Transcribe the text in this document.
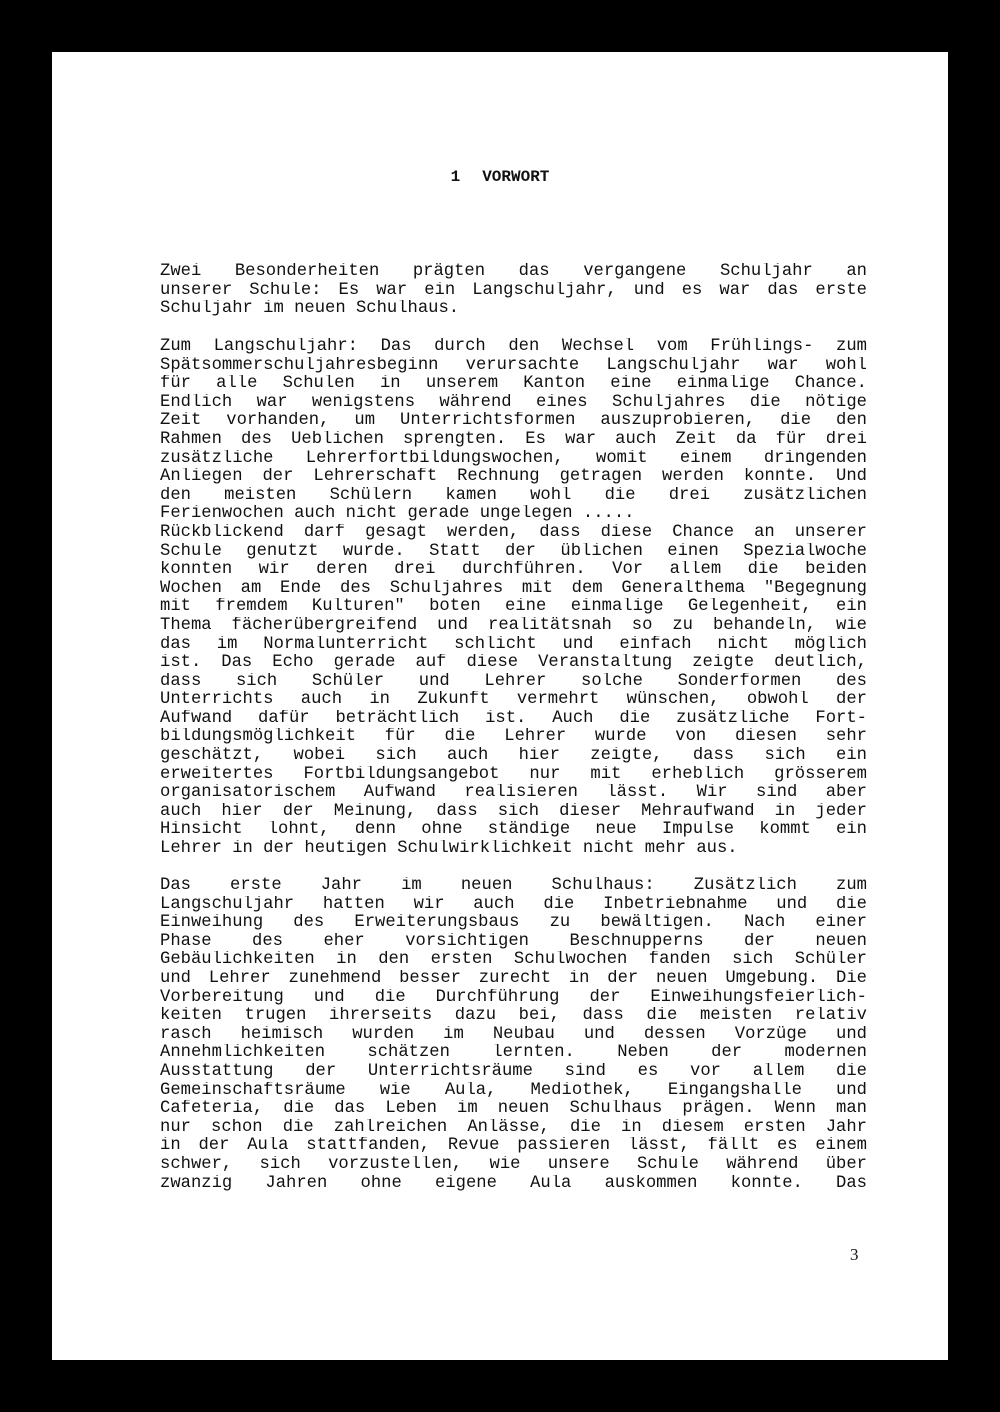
1 VORWORT
Zwei Besonderheiten prägten das vergangene Schuljahr an
unserer Schule: Es war ein Langschuljahr, und es war das erste
Schuljahr im neuen Schulhaus.
Zum Langschuljahr: Das durch den Wechsel vom Frühlings- zum
Spätsommerschuljahresbeginn verursachte Langschuljahr war wohl
für alle Schulen in unserem Kanton eine einmalige Chance.
Endlich war wenigstens während eines Schuljahres die nötige
Zeit vorhanden, um Unterrichtsformen auszuprobieren, die den
Rahmen des Ueblichen sprengten. Es war auch Zeit da für drei
zusätzliche Lehrerfortbildungswochen, womit einem dringenden
Anliegen der Lehrerschaft Rechnung getragen werden konnte. Und
den meisten Schülern kamen wohl die drei zusätzlichen
Ferienwochen auch nicht gerade ungelegen .....
Rückblickend darf gesagt werden, dass diese Chance an unserer
Schule genutzt wurde. Statt der üblichen einen Spezialwoche
konnten wir deren drei durchführen. Vor allem die beiden
Wochen am Ende des Schuljahres mit dem Generalthema "Begegnung
mit fremdem Kulturen" boten eine einmalige Gelegenheit, ein
Thema fächerübergreifend und realitätsnah so zu behandeln, wie
das im Normalunterricht schlicht und einfach nicht möglich
ist. Das Echo gerade auf diese Veranstaltung zeigte deutlich,
dass sich Schüler und Lehrer solche Sonderformen des
Unterrichts auch in Zukunft vermehrt wünschen, obwohl der
Aufwand dafür beträchtlich ist. Auch die zusätzliche Fort-
bildungsmöglichkeit für die Lehrer wurde von diesen sehr
geschätzt, wobei sich auch hier zeigte, dass sich ein
erweitertes Fortbildungsangebot nur mit erheblich grösserem
organisatorischem Aufwand realisieren lässt. Wir sind aber
auch hier der Meinung, dass sich dieser Mehraufwand in jeder
Hinsicht lohnt, denn ohne ständige neue Impulse kommt ein
Lehrer in der heutigen Schulwirklichkeit nicht mehr aus.
Das erste Jahr im neuen Schulhaus: Zusätzlich zum
Langschuljahr hatten wir auch die Inbetriebnahme und die
Einweihung des Erweiterungsbaus zu bewältigen. Nach einer
Phase des eher vorsichtigen Beschnupperns der neuen
Gebäulichkeiten in den ersten Schulwochen fanden sich Schüler
und Lehrer zunehmend besser zurecht in der neuen Umgebung. Die
Vorbereitung und die Durchführung der Einweihungsfeierlich-
keiten trugen ihrerseits dazu bei, dass die meisten relativ
rasch heimisch wurden im Neubau und dessen Vorzüge und
Annehmlichkeiten schätzen lernten. Neben der modernen
Ausstattung der Unterrichtsräume sind es vor allem die
Gemeinschaftsräume wie Aula, Mediothek, Eingangshalle und
Cafeteria, die das Leben im neuen Schulhaus prägen. Wenn man
nur schon die zahlreichen Anlässe, die in diesem ersten Jahr
in der Aula stattfanden, Revue passieren lässt, fällt es einem
schwer, sich vorzustellen, wie unsere Schule während über
zwanzig Jahren ohne eigene Aula auskommen konnte. Das
3
